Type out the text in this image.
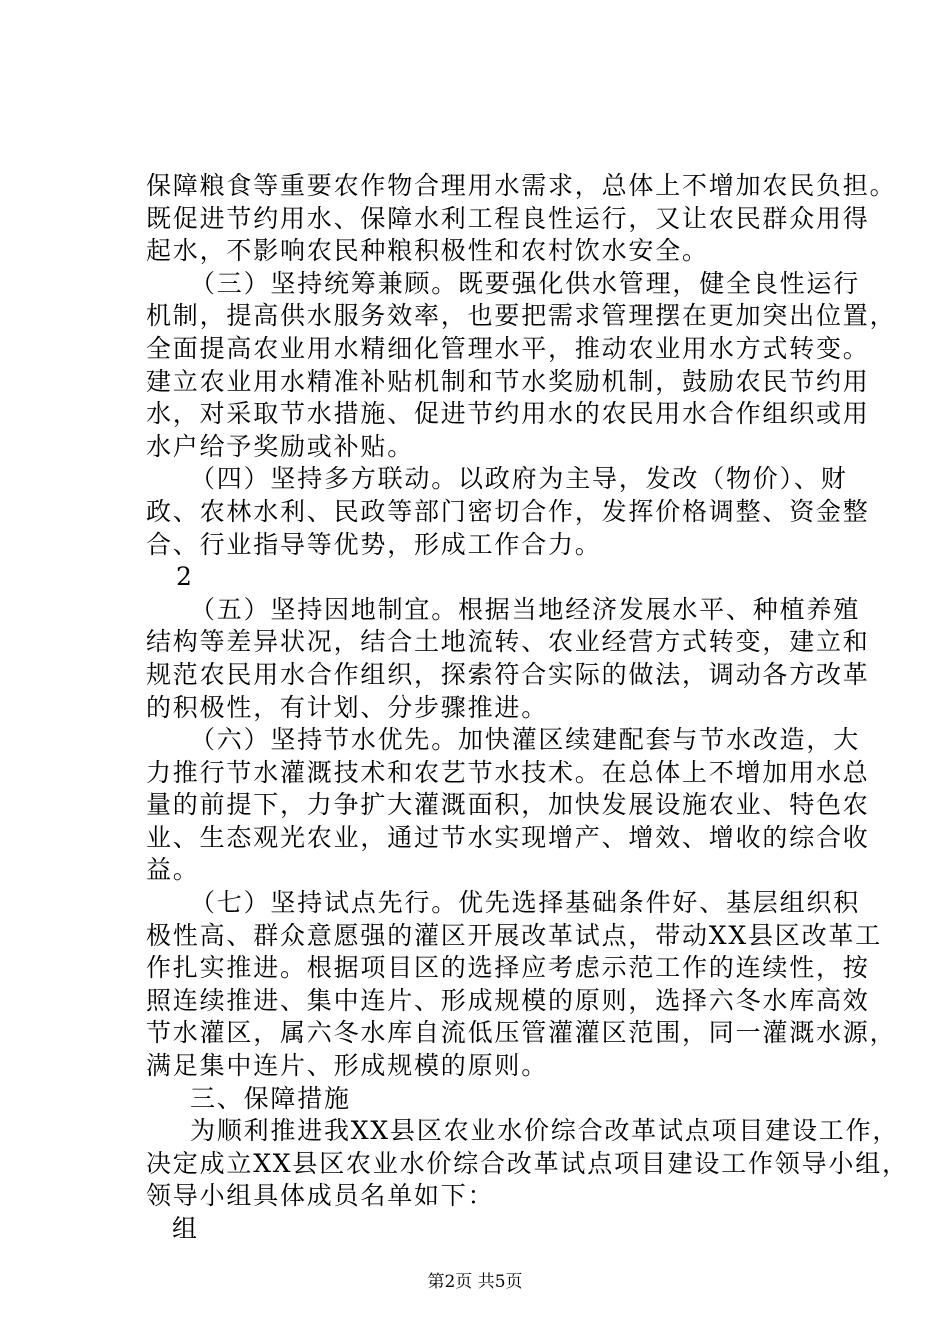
保障粮食等重要农作物合理用水需求，总体上不增加农民负担。
既促进节约用水、保障水利工程良性运行，又让农民群众用得
起水，不影响农民种粮积极性和农村饮水安全。
（三）坚持统筹兼顾。既要强化供水管理，健全良性运行
机制，提高供水服务效率，也要把需求管理摆在更加突出位置，
全面提高农业用水精细化管理水平，推动农业用水方式转变。
建立农业用水精准补贴机制和节水奖励机制，鼓励农民节约用
水，对采取节水措施、促进节约用水的农民用水合作组织或用
水户给予奖励或补贴。
（四）坚持多方联动。以政府为主导，发改（物价）、财
政、农林水利、民政等部门密切合作，发挥价格调整、资金整
合、行业指导等优势，形成工作合力。
2
（五）坚持因地制宜。根据当地经济发展水平、种植养殖
结构等差异状况，结合土地流转、农业经营方式转变，建立和
规范农民用水合作组织，探索符合实际的做法，调动各方改革
的积极性，有计划、分步骤推进。
（六）坚持节水优先。加快灌区续建配套与节水改造，大
力推行节水灌溉技术和农艺节水技术。在总体上不增加用水总
量的前提下，力争扩大灌溉面积，加快发展设施农业、特色农
业、生态观光农业，通过节水实现增产、增效、增收的综合收
益。
（七）坚持试点先行。优先选择基础条件好、基层组织积
极性高、群众意愿强的灌区开展改革试点，带动XX县区改革工
作扎实推进。根据项目区的选择应考虑示范工作的连续性，按
照连续推进、集中连片、形成规模的原则，选择六冬水库高效
节水灌区，属六冬水库自流低压管灌灌区范围，同一灌溉水源，
满足集中连片、形成规模的原则。
三、保障措施
为顺利推进我XX县区农业水价综合改革试点项目建设工作，
决定成立XX县区农业水价综合改革试点项目建设工作领导小组，
领导小组具体成员名单如下：
组
第2页 共5页
